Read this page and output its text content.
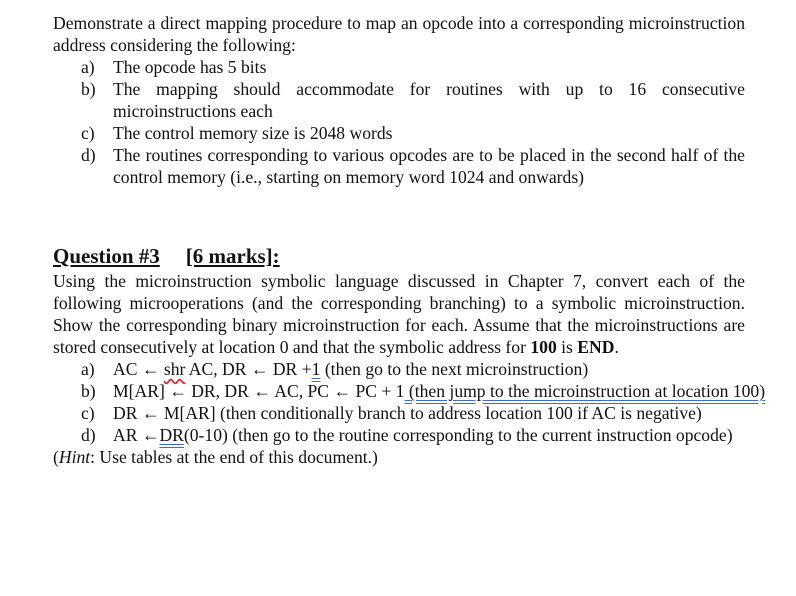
Demonstrate a direct mapping procedure to map an opcode into a corresponding microinstruction address considering the following:

a)	The opcode has 5 bits
b) The mapping should accommodate for routines with up to 16 consecutive microinstructions each
c)	The control memory size is 2048 words
d) The routines corresponding to various opcodes are to be placed in the second half of the control memory (i.e., starting on memory word 1024 and onwards)

Question #3 [6 marks]:

Using the microinstruction symbolic language discussed in Chapter 7, convert each of the following microoperations (and the corresponding branching) to a symbolic microinstruction. Show the corresponding binary microinstruction for each. Assume that the microinstructions are stored consecutively at location 0 and that the symbolic address for 100 is END.

a)	AC ← shr AC, DR ← DR +1 (then go to the next microinstruction)
b) M[AR] ← DR, DR ← AC, PC ← PC + 1 (then jump to the microinstruction at location 100)
c)	DR ← M[AR] (then conditionally branch to address location 100 if AC is negative)
d) AR ←DR(0-10) (then go to the routine corresponding to the current instruction opcode)

(Hint: Use tables at the end of this document.)
